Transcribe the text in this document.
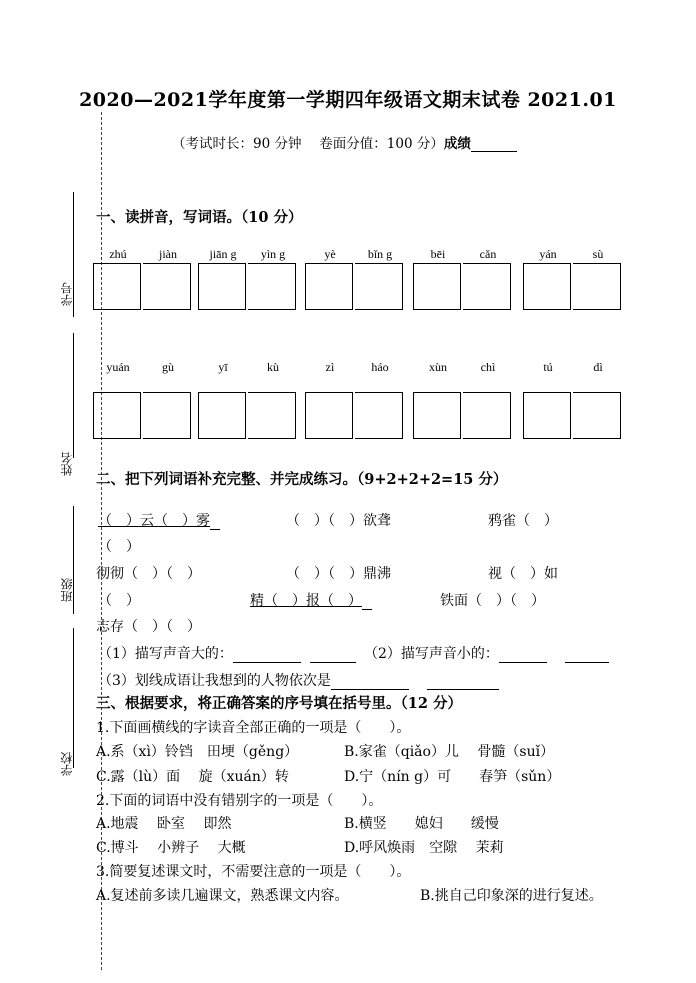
学号
姓名
班级
学校
2020—2021学年度第一学期四年级语文期末试卷 2021.01
（考试时长：90 分钟　 卷面分值：100 分）成绩
一、读拼音，写词语。（10 分）
zhú	jiàn	jiān g	yìn g	yè	bǐn g	bēi	cǎn	yán	sù
yuán	gù	yī	kù	zì	háo	xùn	chì	tú	dì
二、把下列词语补充完整、并完成练习。（9+2+2+2=15 分）
（　）云（　）雾	（　）（　）欲聋	鸦雀（　）
（　）
彻彻（　）（　）	（　）（　）鼎沸	视（　）如
（　）	精（　）报（　）	铁面（　）（　）
志存（　）（　）
（1）描写声音大的：	（2）描写声音小的：
（3）划线成语让我想到的人物依次是
三、根据要求，将正确答案的序号填在括号里。（12 分）
1.下面画横线的字读音全部正确的一项是（　　）。
A.系（xì）铃铛　田埂（gěng）	B.家雀（qiǎo）儿　 骨髓（suǐ）
C.露（lù）面　 旋（xuán）转	D.宁（nín g）可　　春笋（sǔn）
2.下面的词语中没有错别字的一项是（　　）。
A.地震　 卧室　 即然	B.横竖　　媳妇　　缓慢
C.博斗　 小辨子　 大概	D.呼风焕雨　空隙　 茉莉
3.简要复述课文时，不需要注意的一项是（　　）。
A.复述前多读几遍课文，熟悉课文内容。	B.挑自己印象深的进行复述。
